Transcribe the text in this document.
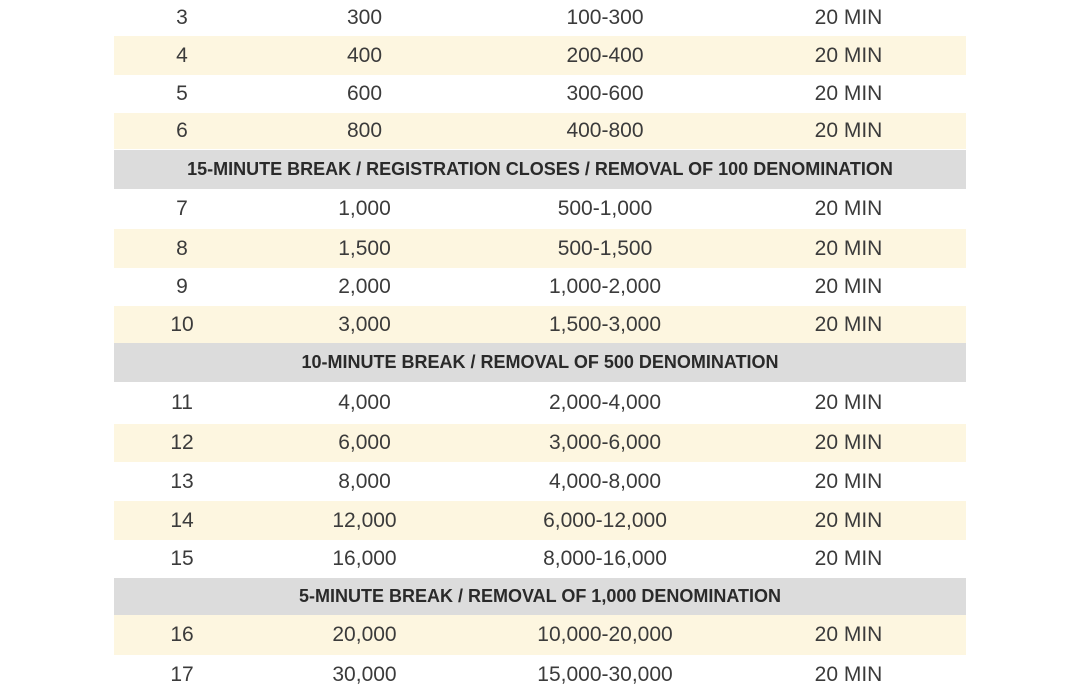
3	300	100-300	20 MIN
4	400	200-400	20 MIN
5	600	300-600	20 MIN
6	800	400-800	20 MIN
15-MINUTE BREAK / REGISTRATION CLOSES / REMOVAL OF 100 DENOMINATION
7	1,000	500-1,000	20 MIN
8	1,500	500-1,500	20 MIN
9	2,000	1,000-2,000	20 MIN
10	3,000	1,500-3,000	20 MIN
10-MINUTE BREAK / REMOVAL OF 500 DENOMINATION
11	4,000	2,000-4,000	20 MIN
12	6,000	3,000-6,000	20 MIN
13	8,000	4,000-8,000	20 MIN
14	12,000	6,000-12,000	20 MIN
15	16,000	8,000-16,000	20 MIN
5-MINUTE BREAK / REMOVAL OF 1,000 DENOMINATION
16	20,000	10,000-20,000	20 MIN
17	30,000	15,000-30,000	20 MIN
